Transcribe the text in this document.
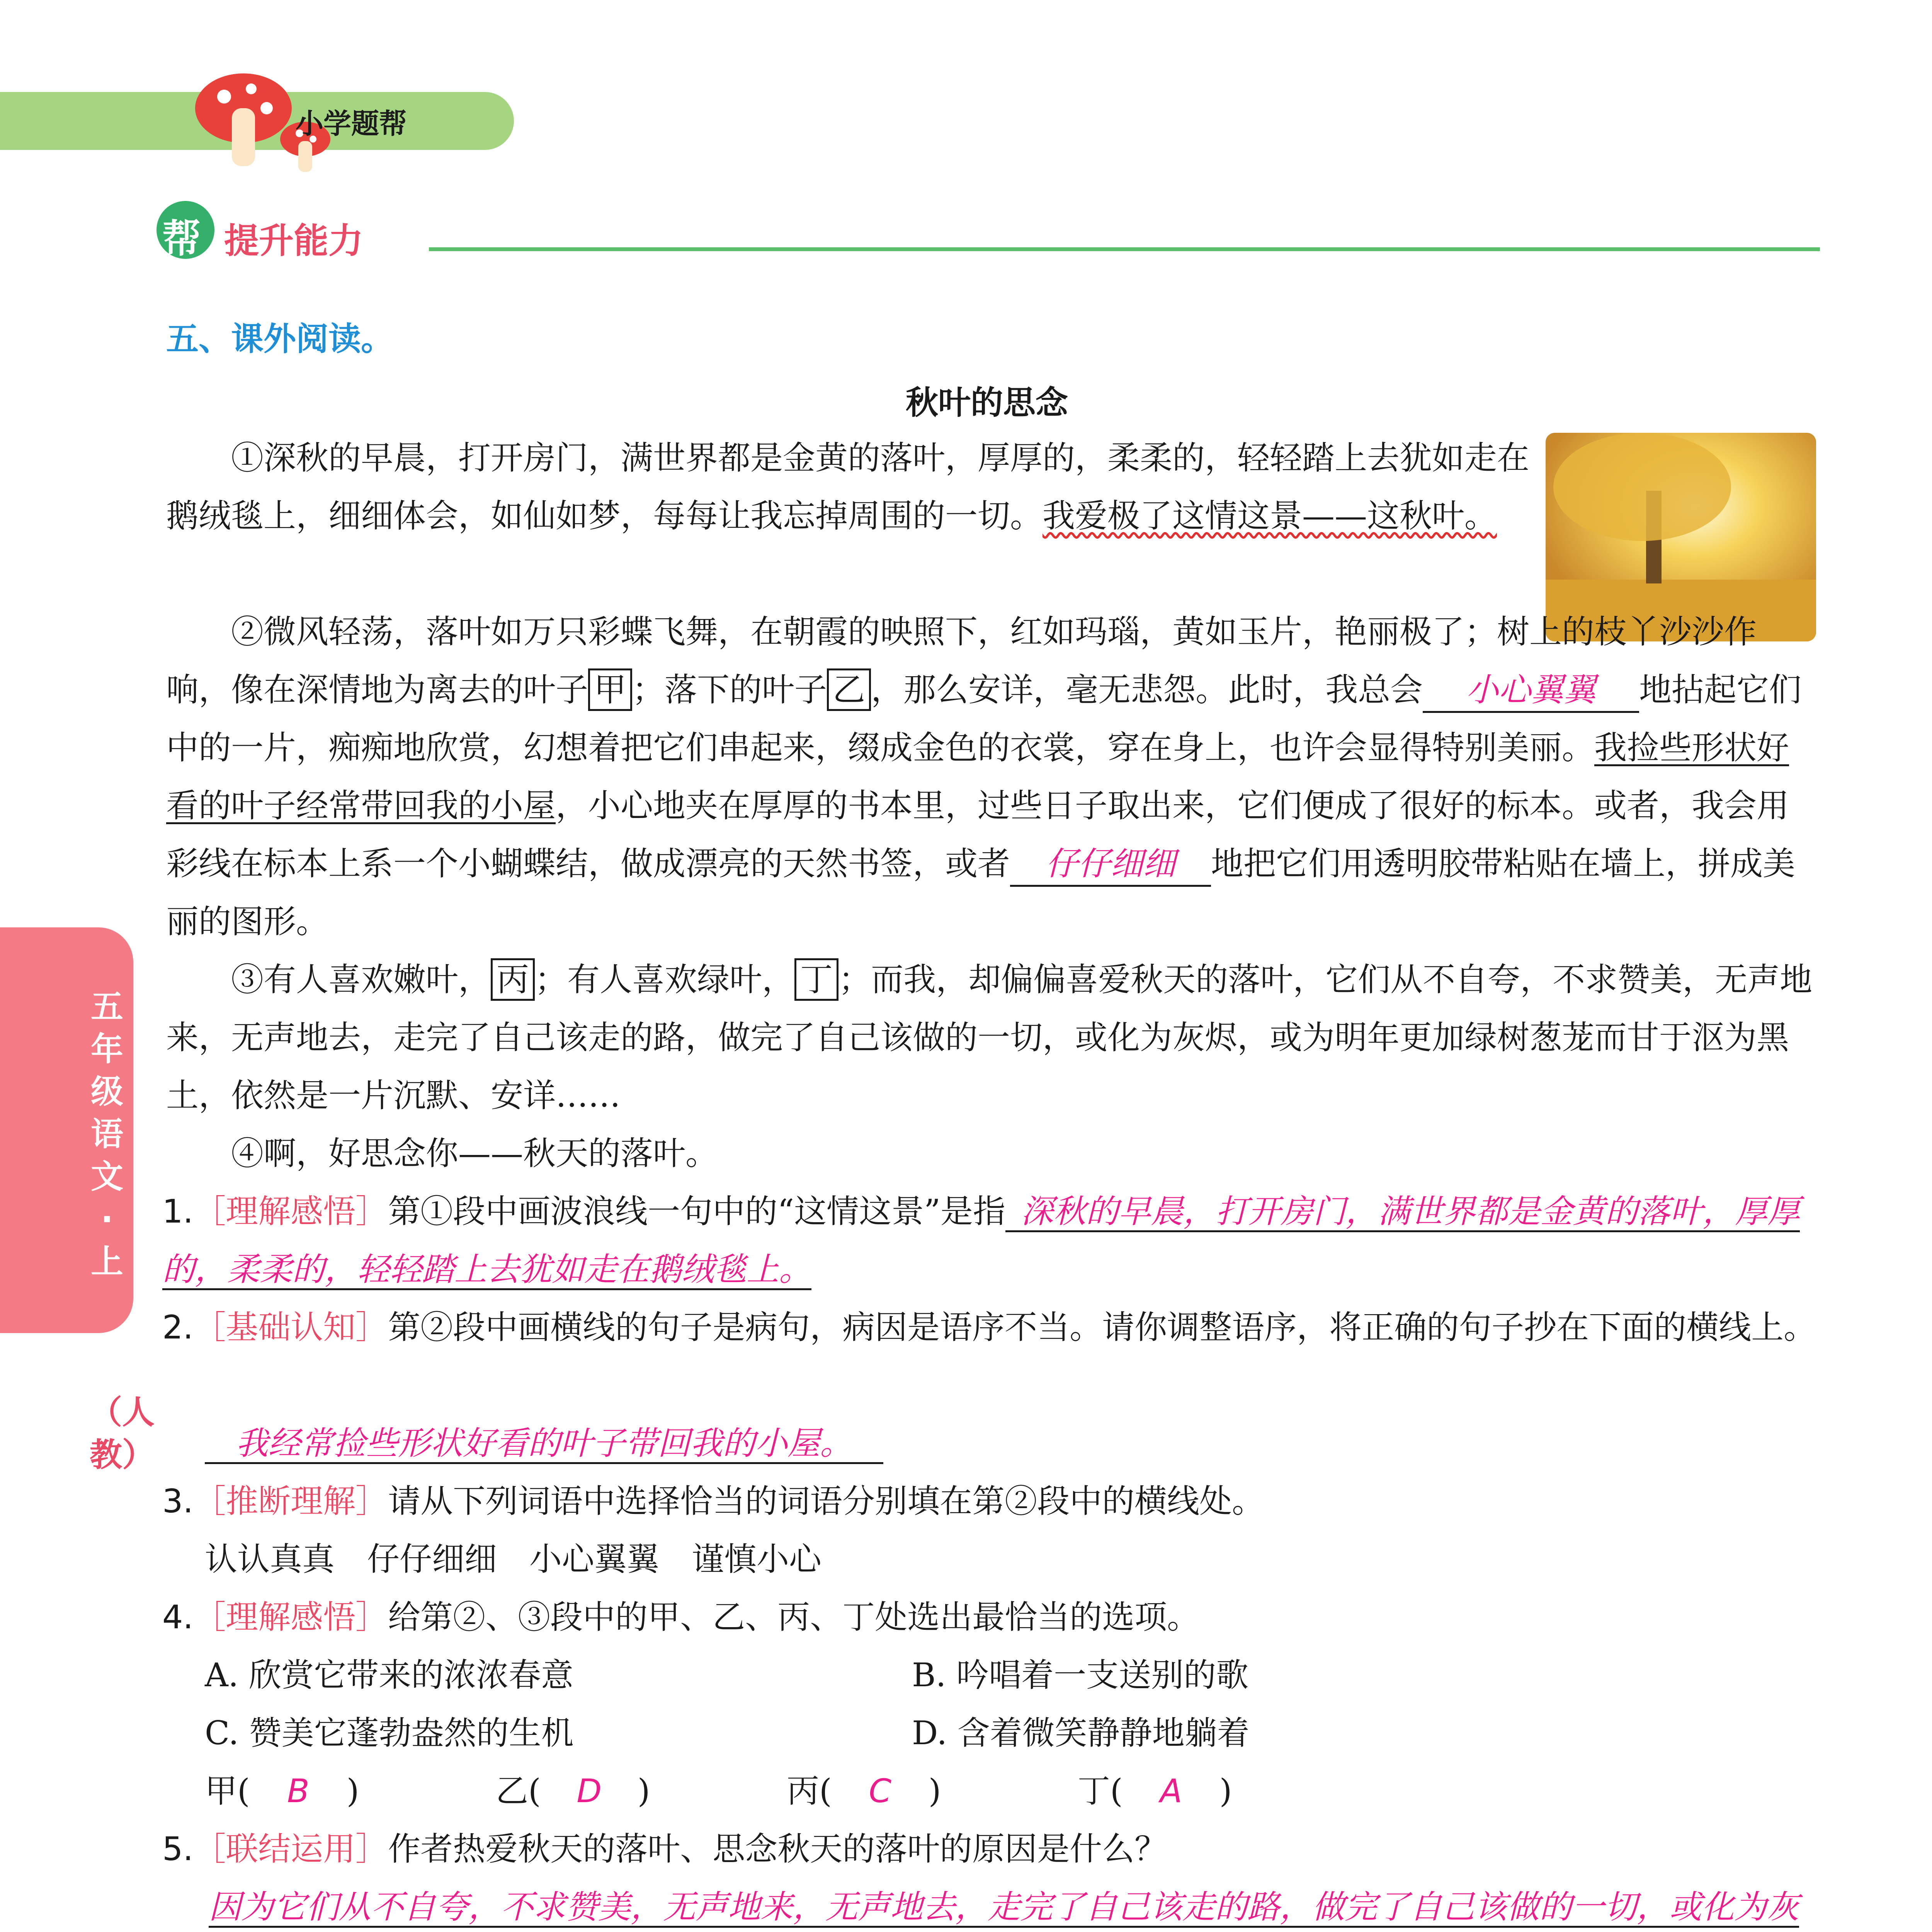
小学题帮
帮 提升能力
五、课外阅读。
秋叶的思念

①深秋的早晨，打开房门，满世界都是金黄的落叶，厚厚的，柔柔的，轻轻踏上去犹如走在鹅绒毯上，细细体会，如仙如梦，每每让我忘掉周围的一切。我爱极了这情这景——这秋叶。

②微风轻荡，落叶如万只彩蝶飞舞，在朝霞的映照下，红如玛瑙，黄如玉片，艳丽极了；树上的枝丫沙沙作响，像在深情地为离去的叶子 甲 ；落下的叶子 乙 ，那么安详，毫无悲怨。此时，我总会 小心翼翼 地拈起它们中的一片，痴痴地欣赏，幻想着把它们串起来，缀成金色的衣裳，穿在身上，也许会显得特别美丽。我捡些形状好看的叶子经常带回我的小屋，小心地夹在厚厚的书本里，过些日子取出来，它们便成了很好的标本。或者，我会用彩线在标本上系一个小蝴蝶结，做成漂亮的天然书签，或者 仔仔细细 地把它们用透明胶带粘贴在墙上，拼成美丽的图形。

③有人喜欢嫩叶， 丙 ；有人喜欢绿叶， 丁 ；而我，却偏偏喜爱秋天的落叶，它们从不自夸，不求赞美，无声地来，无声地去，走完了自己该走的路，做完了自己该做的一切，或化为灰烬，或为明年更加绿树葱茏而甘于沤为黑土，依然是一片沉默、安详……

④啊，好思念你——秋天的落叶。

1.［理解感悟］第①段中画波浪线一句中的“这情这景”是指 深秋的早晨，打开房门，满世界都是金黄的落叶，厚厚的，柔柔的，轻轻踏上去犹如走在鹅绒毯上。

2.［基础认知］第②段中画横线的句子是病句，病因是语序不当。请你调整语序，将正确的句子抄在下面的横线上。

我经常捡些形状好看的叶子带回我的小屋。

3.［推断理解］请从下列词语中选择恰当的词语分别填在第②段中的横线处。

认认真真　仔仔细细　小心翼翼　谨慎小心

4.［理解感悟］给第②、③段中的甲、乙、丙、丁处选出最恰当的选项。

A. 欣赏它带来的浓浓春意	B. 吟唱着一支送别的歌
C. 赞美它蓬勃盎然的生机	D. 含着微笑静静地躺着
甲( B )	乙( D )	丙( C )	丁( A )

5.［联结运用］作者热爱秋天的落叶、思念秋天的落叶的原因是什么？

因为它们从不自夸，不求赞美，无声地来，无声地去，走完了自己该走的路，做完了自己该做的一切，或化为灰

五年级语文·上
（人教）
